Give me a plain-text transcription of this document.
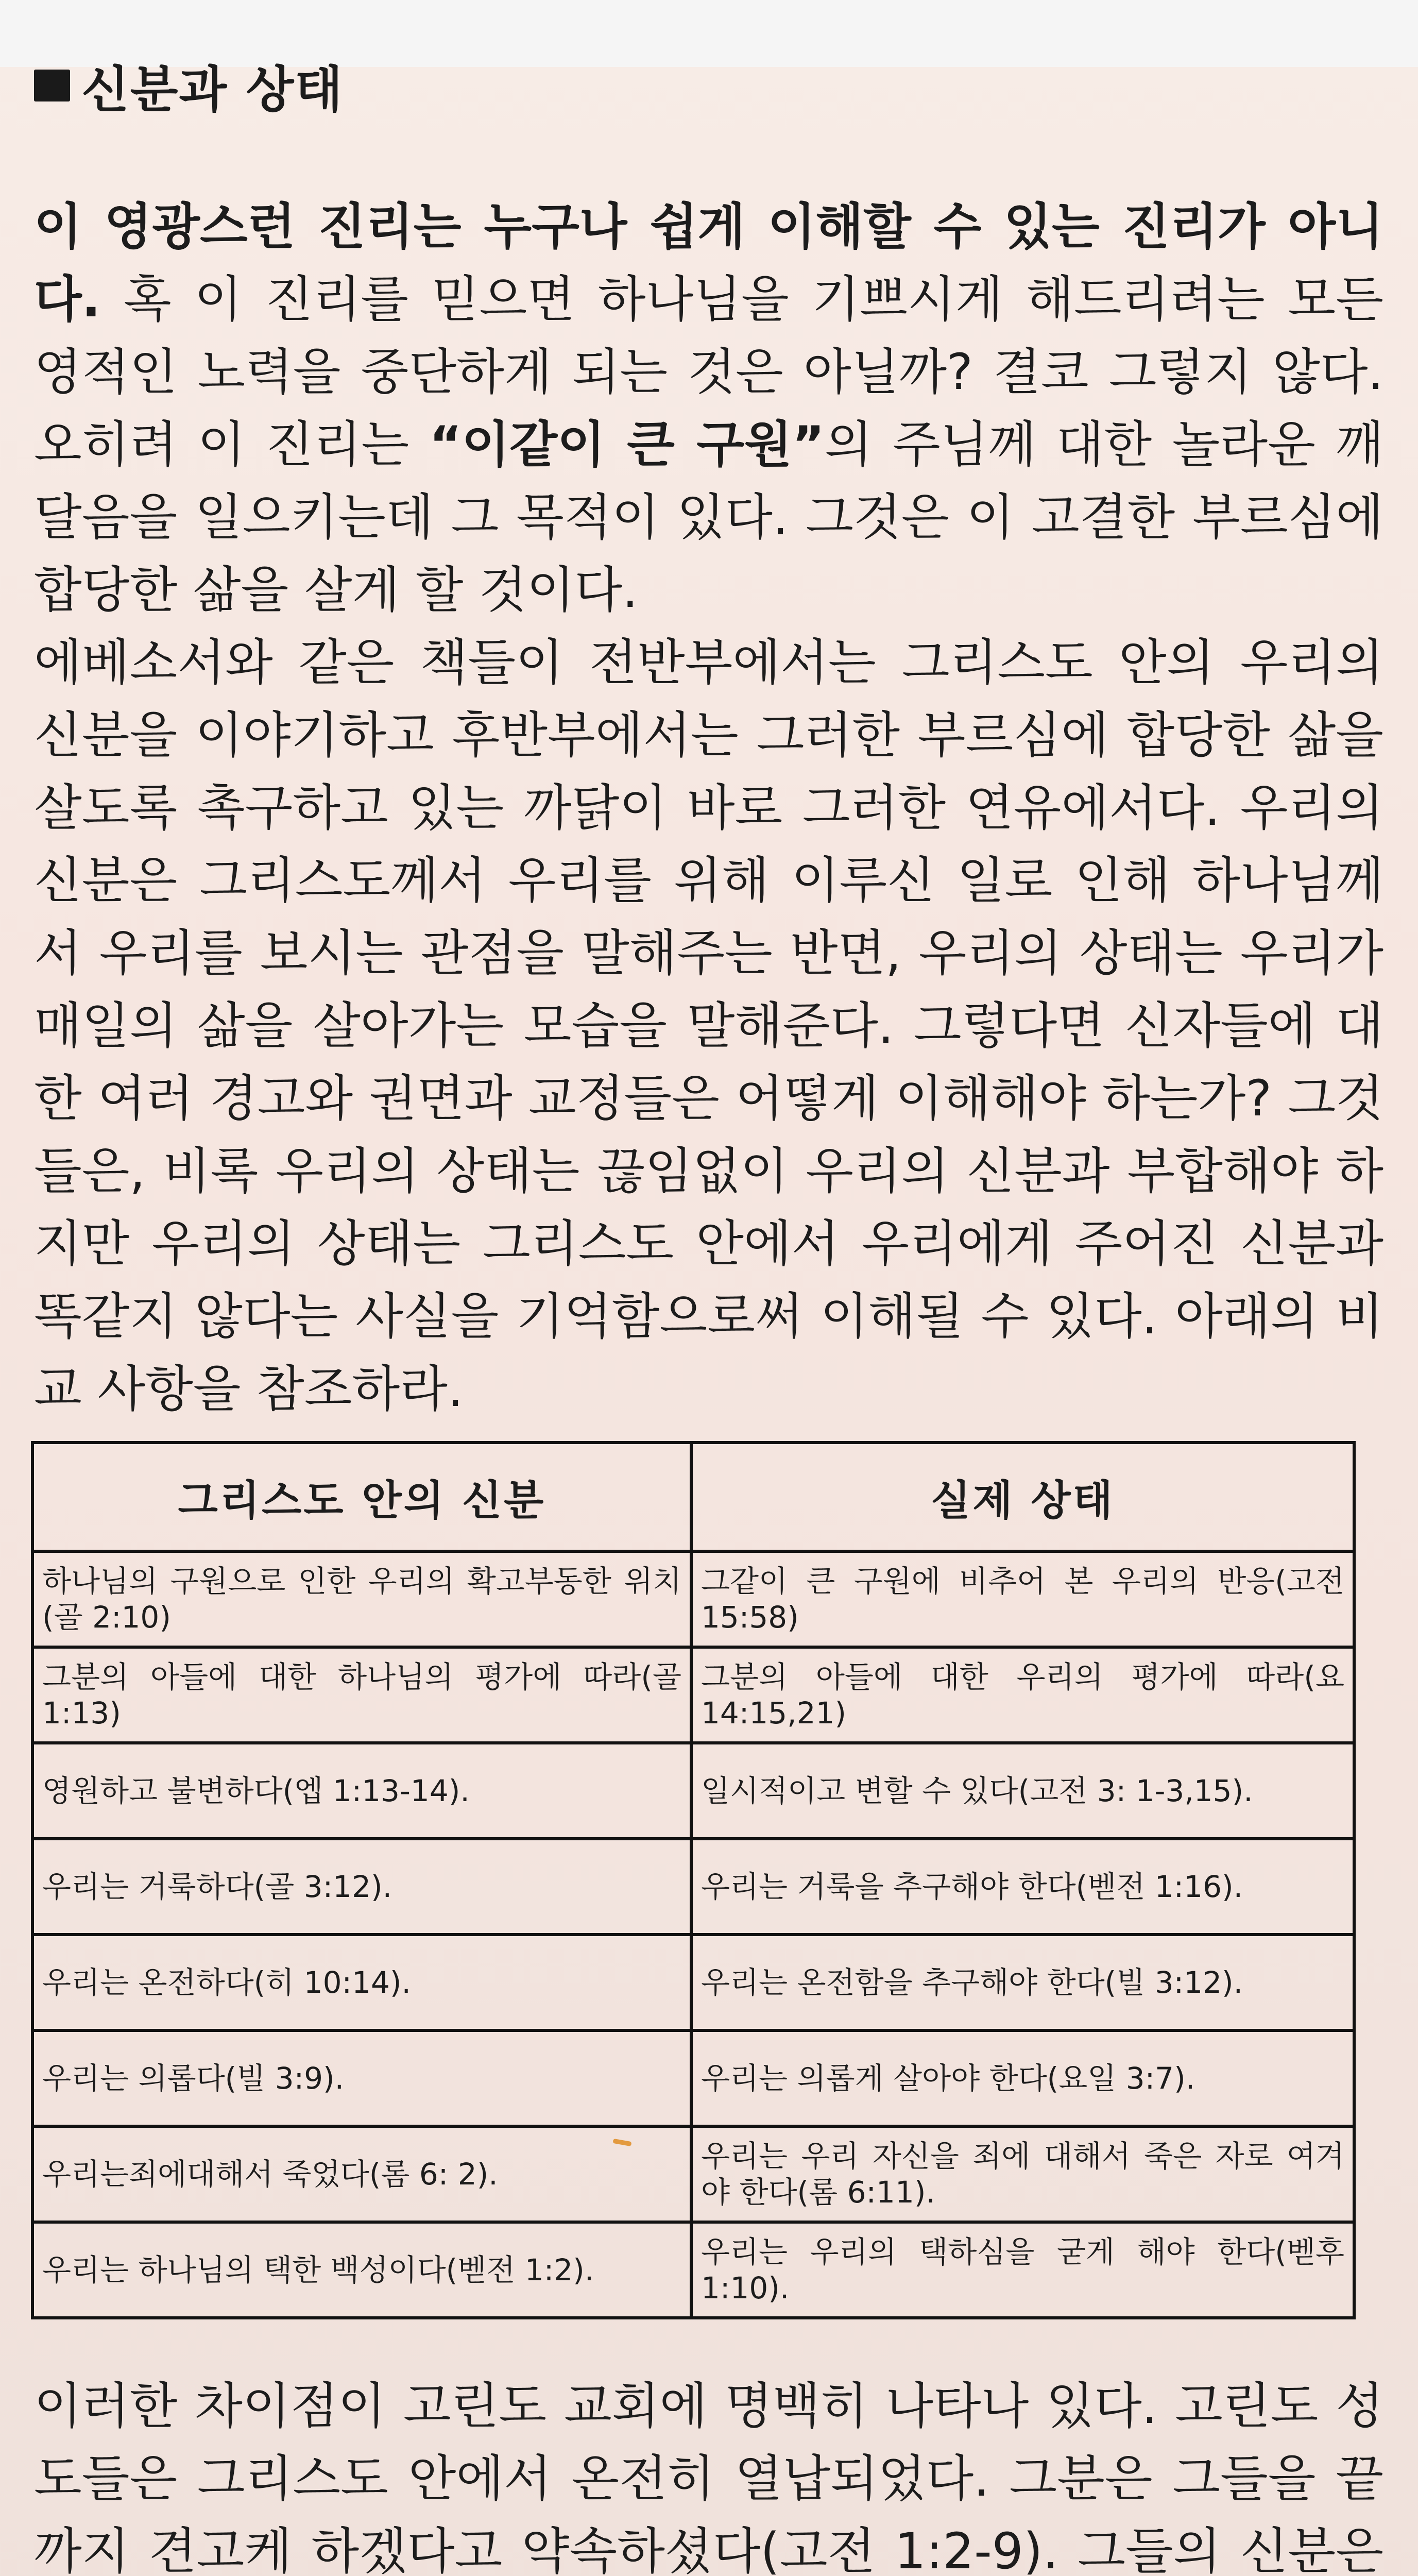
신분과 상태

이 영광스런 진리는 누구나 쉽게 이해할 수 있는 진리가 아니다. 혹 이 진리를 믿으면 하나님을 기쁘시게 해드리려는 모든 영적인 노력을 중단하게 되는 것은 아닐까? 결코 그렇지 않다. 오히려 이 진리는 “이같이 큰 구원”의 주님께 대한 놀라운 깨달음을 일으키는데 그 목적이 있다. 그것은 이 고결한 부르심에 합당한 삶을 살게 할 것이다.

에베소서와 같은 책들이 전반부에서는 그리스도 안의 우리의 신분을 이야기하고 후반부에서는 그러한 부르심에 합당한 삶을 살도록 촉구하고 있는 까닭이 바로 그러한 연유에서다. 우리의 신분은 그리스도께서 우리를 위해 이루신 일로 인해 하나님께서 우리를 보시는 관점을 말해주는 반면, 우리의 상태는 우리가 매일의 삶을 살아가는 모습을 말해준다. 그렇다면 신자들에 대한 여러 경고와 권면과 교정들은 어떻게 이해해야 하는가? 그것들은, 비록 우리의 상태는 끊임없이 우리의 신분과 부합해야 하지만 우리의 상태는 그리스도 안에서 우리에게 주어진 신분과 똑같지 않다는 사실을 기억함으로써 이해될 수 있다. 아래의 비교 사항을 참조하라.

그리스도 안의 신분	실제 상태
하나님의 구원으로 인한 우리의 확고부동한 위치(골 2:10)	그같이 큰 구원에 비추어 본 우리의 반응(고전 15:58)
그분의 아들에 대한 하나님의 평가에 따라(골 1:13)	그분의 아들에 대한 우리의 평가에 따라(요 14:15,21)
영원하고 불변하다(엡 1:13-14).	일시적이고 변할 수 있다(고전 3: 1-3,15).
우리는 거룩하다(골 3:12).	우리는 거룩을 추구해야 한다(벧전 1:16).
우리는 온전하다(히 10:14).	우리는 온전함을 추구해야 한다(빌 3:12).
우리는 의롭다(빌 3:9).	우리는 의롭게 살아야 한다(요일 3:7).
우리는죄에대해서 죽었다(롬 6: 2).	우리는 우리 자신을 죄에 대해서 죽은 자로 여겨야 한다(롬 6:11).
우리는 하나님의 택한 백성이다(벧전 1:2).	우리는 우리의 택하심을 굳게 해야 한다(벧후 1:10).

이러한 차이점이 고린도 교회에 명백히 나타나 있다. 고린도 성도들은 그리스도 안에서 온전히 열납되었다. 그분은 그들을 끝까지 견고케 하겠다고 약속하셨다(고전 1:2-9). 그들의 신분은
